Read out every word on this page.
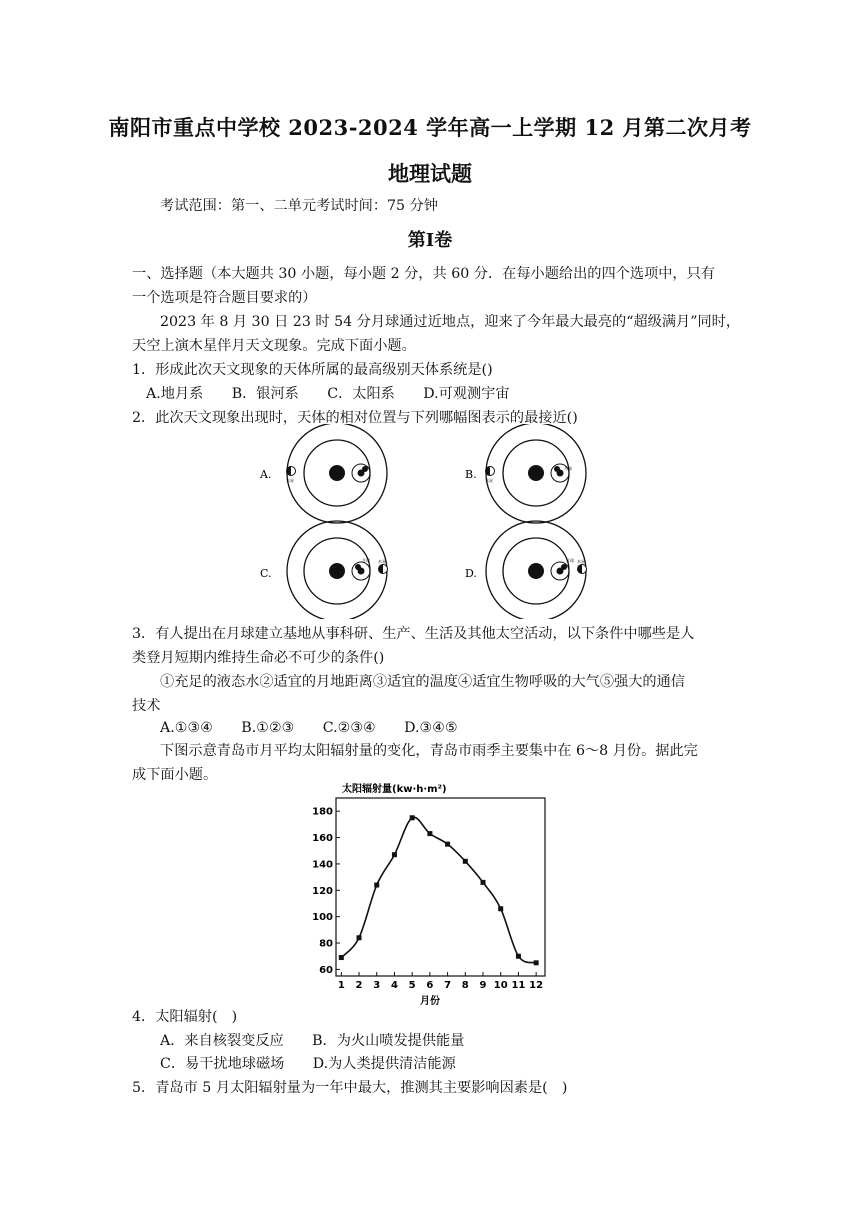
南阳市重点中学校 2023-2024 学年高一上学期 12 月第二次月考
地理试题
考试范围：第一、二单元考试时间：75 分钟
第Ⅰ卷
一、选择题（本大题共 30 小题，每小题 2 分，共 60 分．在每小题给出的四个选项中，只有
一个选项是符合题目要求的）
2023 年 8 月 30 日 23 时 54 分月球通过近地点，迎来了今年最大最亮的“超级满月”同时，
天空上演木星伴月天文现象。完成下面小题。
1．形成此次天文现象的天体所属的最高级别天体系统是()
A.地月系　　B．银河系　　C．太阳系　　D.可观测宇宙
2．此次天文现象出现时，天体的相对位置与下列哪幅图表示的最接近()
A.	木星	B.	月球
木星
C.
月球 木星
D.
月球 木星
3．有人提出在月球建立基地从事科研、生产、生活及其他太空活动，以下条件中哪些是人
类登月短期内维持生命必不可少的条件()
①充足的液态水②适宜的月地距离③适宜的温度④适宜生物呼吸的大气⑤强大的通信
技术
A.①③④　　B.①②③　　C.②③④　　D.③④⑤
下图示意青岛市月平均太阳辐射量的变化，青岛市雨季主要集中在 6～8 月份。据此完
成下面小题。
太阳辐射量(kw·h·m²)
60
80
100
120
140
160
180
1 2 3 4 5 6 7 8 9 10 11 12
月份
4．太阳辐射(　)
A．来自核裂变反应　　B．为火山喷发提供能量
C．易干扰地球磁场　　D.为人类提供清洁能源
5．青岛市 5 月太阳辐射量为一年中最大，推测其主要影响因素是(　)
